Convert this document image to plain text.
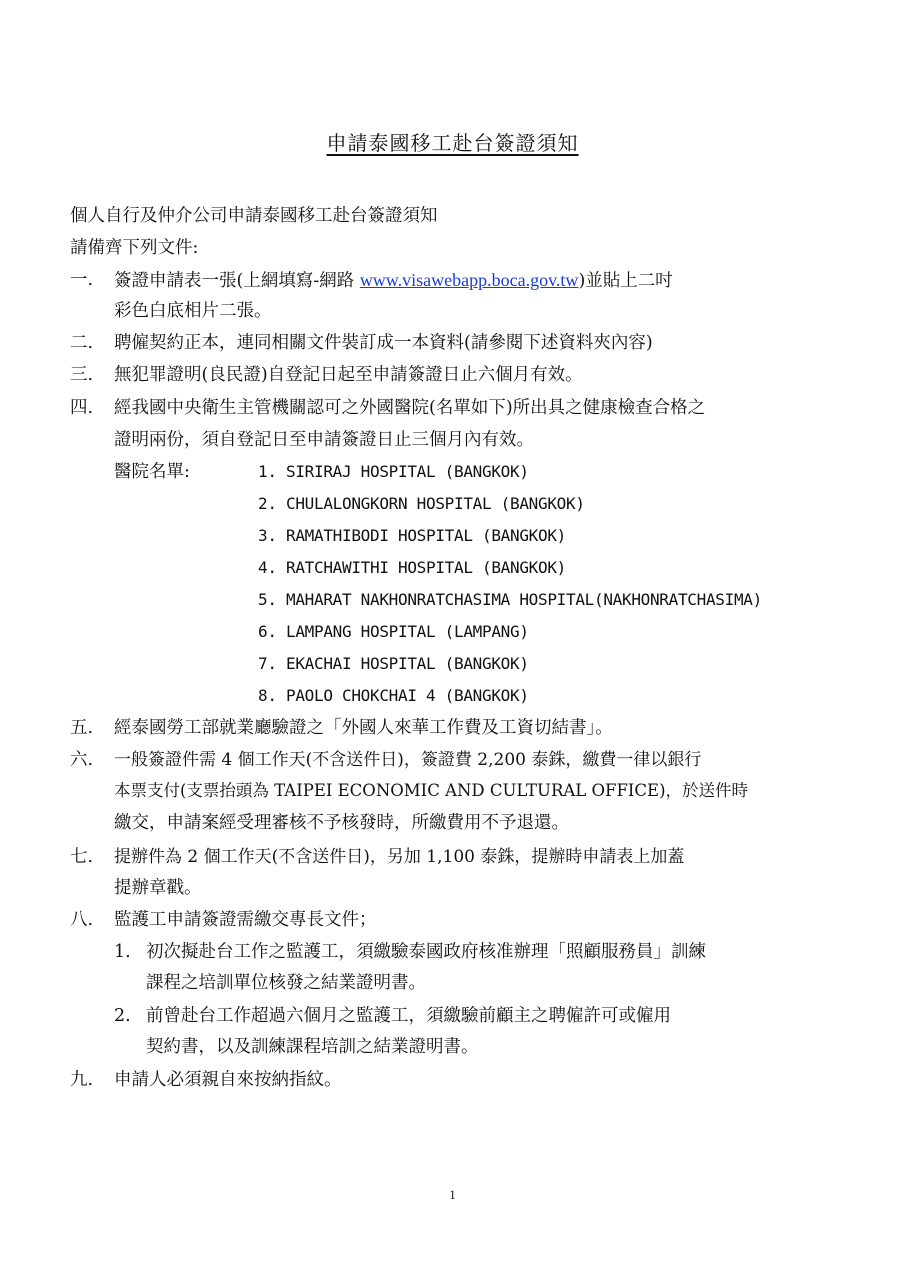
申請泰國移工赴台簽證須知
個人自行及仲介公司申請泰國移工赴台簽證須知
請備齊下列文件:
一. 簽證申請表一張(上網填寫-網路 www.visawebapp.boca.gov.tw)並貼上二吋
彩色白底相片二張。
二. 聘僱契約正本，連同相關文件裝訂成一本資料(請參閱下述資料夾內容)
三. 無犯罪證明(良民證)自登記日起至申請簽證日止六個月有效。
四. 經我國中央衛生主管機關認可之外國醫院(名單如下)所出具之健康檢查合格之
證明兩份，須自登記日至申請簽證日止三個月內有效。
醫院名單:	1. SIRIRAJ HOSPITAL (BANGKOK)
2. CHULALONGKORN HOSPITAL (BANGKOK)
3. RAMATHIBODI HOSPITAL (BANGKOK)
4. RATCHAWITHI HOSPITAL (BANGKOK)
5. MAHARAT NAKHONRATCHASIMA HOSPITAL(NAKHONRATCHASIMA)
6. LAMPANG HOSPITAL (LAMPANG)
7. EKACHAI HOSPITAL (BANGKOK)
8. PAOLO CHOKCHAI 4 (BANGKOK)
五. 經泰國勞工部就業廳驗證之「外國人來華工作費及工資切結書」。
六. 一般簽證件需 4 個工作天(不含送件日)，簽證費 2,200 泰銖，繳費一律以銀行
本票支付(支票抬頭為 TAIPEI ECONOMIC AND CULTURAL OFFICE)，於送件時
繳交，申請案經受理審核不予核發時，所繳費用不予退還。
七. 提辦件為 2 個工作天(不含送件日)，另加 1,100 泰銖，提辦時申請表上加蓋
提辦章戳。
八. 監護工申請簽證需繳交專長文件；
1. 初次擬赴台工作之監護工，須繳驗泰國政府核准辦理「照顧服務員」訓練
課程之培訓單位核發之結業證明書。
2. 前曾赴台工作超過六個月之監護工，須繳驗前顧主之聘僱許可或僱用
契約書，以及訓練課程培訓之結業證明書。
九. 申請人必須親自來按納指紋。
1
